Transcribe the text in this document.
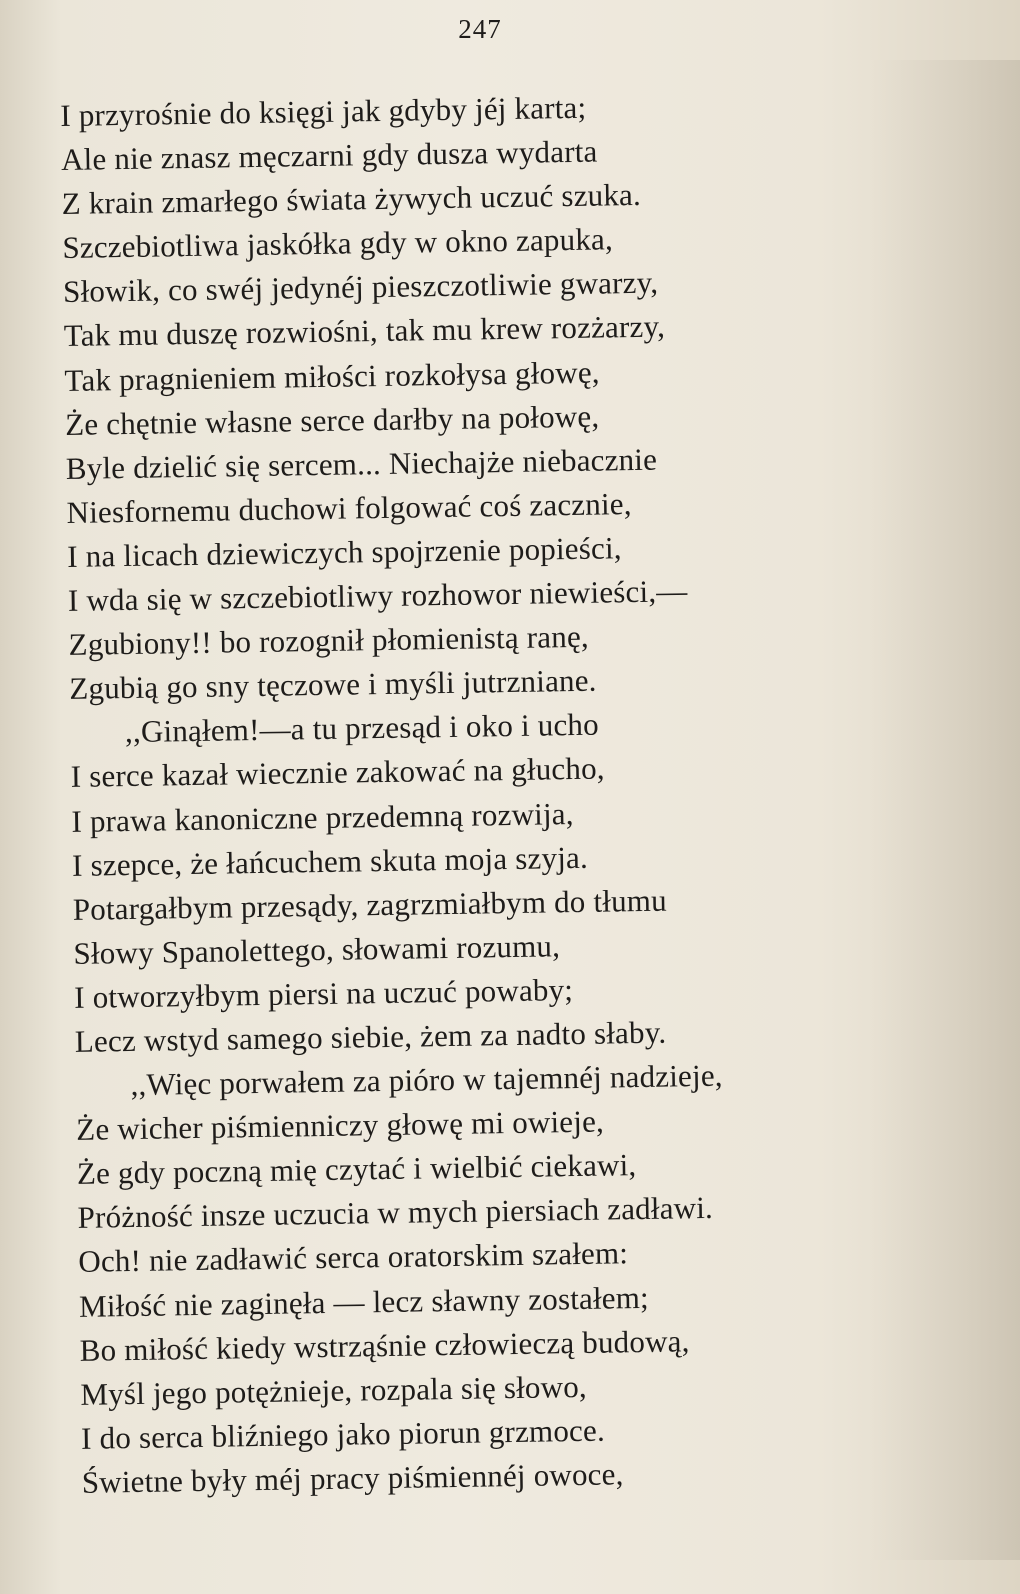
247
I przyrośnie do księgi jak gdyby jéj karta;
Ale nie znasz męczarni gdy dusza wydarta
Z krain zmarłego świata żywych uczuć szuka.
Szczebiotliwa jaskółka gdy w okno zapuka,
Słowik, co swéj jedynéj pieszczotliwie gwarzy,
Tak mu duszę rozwiośni, tak mu krew rozżarzy,
Tak pragnieniem miłości rozkołysa głowę,
Że chętnie własne serce darłby na połowę,
Byle dzielić się sercem... Niechajże niebacznie
Niesfornemu duchowi folgować coś zacznie,
I na licach dziewiczych spojrzenie popieści,
I wda się w szczebiotliwy rozhowor niewieści,—
Zgubiony!! bo rozognił płomienistą ranę,
Zgubią go sny tęczowe i myśli jutrzniane.
,,Ginąłem!—a tu przesąd i oko i ucho
I serce kazał wiecznie zakować na głucho,
I prawa kanoniczne przedemną rozwija,
I szepce, że łańcuchem skuta moja szyja.
Potargałbym przesądy, zagrzmiałbym do tłumu
Słowy Spanolettego, słowami rozumu,
I otworzyłbym piersi na uczuć powaby;
Lecz wstyd samego siebie, żem za nadto słaby.
,,Więc porwałem za pióro w tajemnéj nadzieje,
Że wicher piśmienniczy głowę mi owieje,
Że gdy poczną mię czytać i wielbić ciekawi,
Próżność insze uczucia w mych piersiach zadławi.
Och! nie zadławić serca oratorskim szałem:
Miłość nie zaginęła — lecz sławny zostałem;
Bo miłość kiedy wstrząśnie człowieczą budową,
Myśl jego potężnieje, rozpala się słowo,
I do serca bliźniego jako piorun grzmoce.
Świetne były méj pracy piśmiennéj owoce,
